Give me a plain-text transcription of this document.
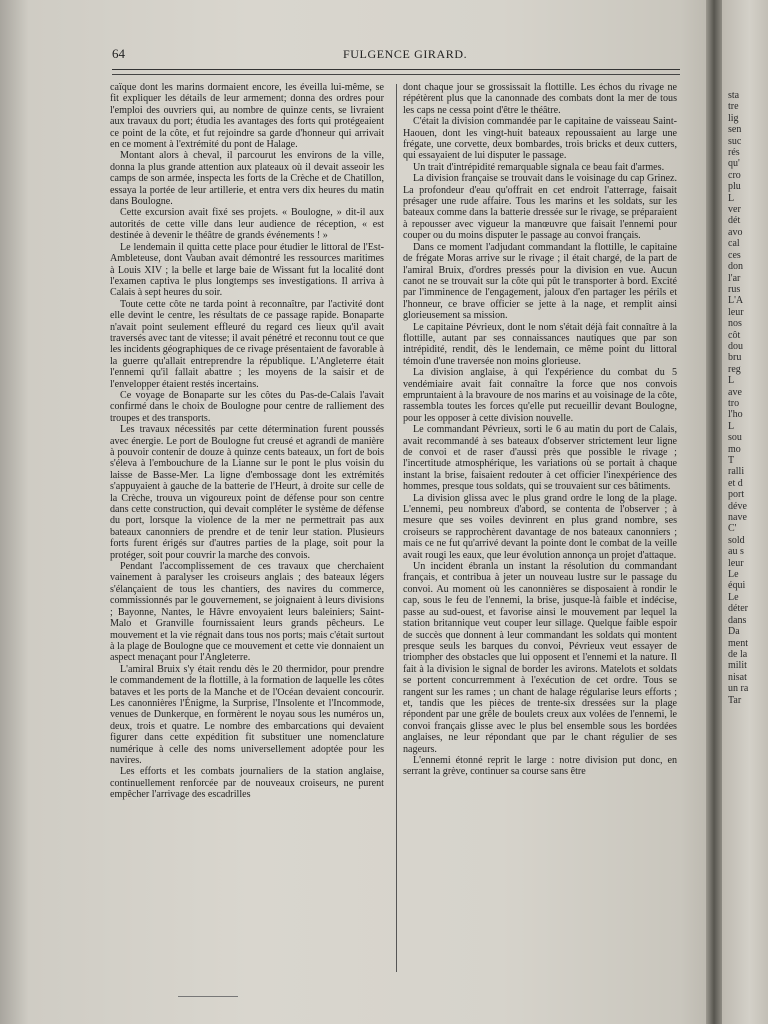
64	FULGENCE GIRARD.

caïque dont les marins dormaient encore, les éveilla lui-même, se fit expliquer les détails de leur armement; donna des ordres pour l'emploi des ouvriers qui, au nombre de quinze cents, se livraient aux travaux du port; étudia les avantages des forts qui protégeaient ce point de la côte, et fut rejoindre sa garde d'honneur qui arrivait en ce moment à l'extrémité du pont de Halage.

Montant alors à cheval, il parcourut les environs de la ville, donna la plus grande attention aux plateaux où il devait asseoir les camps de son armée, inspecta les forts de la Crèche et de Chatillon, essaya la portée de leur artillerie, et entra vers dix heures du matin dans Boulogne.

Cette excursion avait fixé ses projets. « Boulogne, » dit-il aux autorités de cette ville dans leur audience de réception, « est destinée à devenir le théâtre de grands événements ! »

Le lendemain il quitta cette place pour étudier le littoral de l'Est-Ambleteuse, dont Vauban avait démontré les ressources maritimes à Louis XIV ; la belle et large baie de Wissant fut la localité dont l'examen captiva le plus longtemps ses investigations. Il arriva à Calais à sept heures du soir.

Toute cette côte ne tarda point à reconnaître, par l'activité dont elle devint le centre, les résultats de ce passage rapide. Bonaparte n'avait point seulement effleuré du regard ces lieux qu'il avait traversés avec tant de vitesse; il avait pénétré et reconnu tout ce que les incidents géographiques de ce rivage présentaient de favorable à la guerre qu'allait entreprendre la république. L'Angleterre était l'ennemi qu'il fallait abattre ; les moyens de la saisir et de l'envelopper étaient restés incertains.

Ce voyage de Bonaparte sur les côtes du Pas-de-Calais l'avait confirmé dans le choix de Boulogne pour centre de ralliement des troupes et des transports.

Les travaux nécessités par cette détermination furent poussés avec énergie. Le port de Boulogne fut creusé et agrandi de manière à pouvoir contenir de douze à quinze cents bateaux, un fort de bois s'éleva à l'embouchure de la Lianne sur le pont le plus voisin du laisse de Basse-Mer. La ligne d'embossage dont les extrémités s'appuyaient à gauche de la batterie de l'Heurt, à droite sur celle de la Crèche, trouva un vigoureux point de défense pour son centre dans cette construction, qui devait compléter le système de défense du port, lorsque la violence de la mer ne permettrait pas aux bateaux canonniers de prendre et de tenir leur station. Plusieurs forts furent érigés sur d'autres parties de la plage, soit pour la protéger, soit pour couvrir la marche des convois.

Pendant l'accomplissement de ces travaux que cherchaient vainement à paralyser les croiseurs anglais ; des bateaux légers s'élançaient de tous les chantiers, des navires du commerce, commissionnés par le gouvernement, se joignaient à leurs divisions ; Bayonne, Nantes, le Hâvre envoyaient leurs baleiniers; Saint-Malo et Granville fournissaient leurs grands pêcheurs. Le mouvement et la vie régnait dans tous nos ports; mais c'était surtout à la plage de Boulogne que ce mouvement et cette vie donnaient un aspect menaçant pour l'Angleterre.

L'amiral Bruix s'y était rendu dès le 20 thermidor, pour prendre le commandement de la flottille, à la formation de laquelle les côtes bataves et les ports de la Manche et de l'Océan devaient concourir. Les canonnières l'Énigme, la Surprise, l'Insolente et l'Incommode, venues de Dunkerque, en formèrent le noyau sous les numéros un, deux, trois et quatre. Le nombre des embarcations qui devaient figurer dans cette expédition fit substituer une nomenclature numérique à celle des noms universellement adoptée pour les navires.

Les efforts et les combats journaliers de la station anglaise, continuellement renforcée par de nouveaux croiseurs, ne purent empêcher l'arrivage des escadrilles

dont chaque jour se grossissait la flottille. Les échos du rivage ne répétèrent plus que la canonnade des combats dont la mer de tous les caps ne cessa point d'être le théâtre.

C'était la division commandée par le capitaine de vaisseau Saint-Haouen, dont les vingt-huit bateaux repoussaient au large une frégate, une corvette, deux bombardes, trois bricks et deux cutters, qui essayaient de lui disputer le passage.

Un trait d'intrépidité remarquable signala ce beau fait d'armes.

La division française se trouvait dans le voisinage du cap Grinez. La profondeur d'eau qu'offrait en cet endroit l'atterrage, faisait présager une rude affaire. Tous les marins et les soldats, sur les bateaux comme dans la batterie dressée sur le rivage, se préparaient à repousser avec vigueur la manœuvre que faisait l'ennemi pour couper ou du moins disputer le passage au convoi français.

Dans ce moment l'adjudant commandant la flottille, le capitaine de frégate Moras arrive sur le rivage ; il était chargé, de la part de l'amiral Bruix, d'ordres pressés pour la division en vue. Aucun canot ne se trouvait sur la côte qui pût le transporter à bord. Excité par l'imminence de l'engagement, jaloux d'en partager les périls et l'honneur, ce brave officier se jette à la nage, et remplit ainsi glorieusement sa mission.

Le capitaine Pévrieux, dont le nom s'était déjà fait connaître à la flottille, autant par ses connaissances nautiques que par son intrépidité, rendit, dès le lendemain, ce même point du littoral témoin d'une traversée non moins glorieuse.

La division anglaise, à qui l'expérience du combat du 5 vendémiaire avait fait connaître la force que nos convois empruntaient à la bravoure de nos marins et au voisinage de la côte, rassembla toutes les forces qu'elle put recueillir devant Boulogne, pour les opposer à cette division nouvelle.

Le commandant Pévrieux, sorti le 6 au matin du port de Calais, avait recommandé à ses bateaux d'observer strictement leur ligne de convoi et de raser d'aussi près que possible le rivage ; l'incertitude atmosphérique, les variations où se portait à chaque instant la brise, faisaient redouter à cet officier l'inexpérience des hommes, presque tous soldats, qui se trouvaient sur ces bâtiments.

La division glissa avec le plus grand ordre le long de la plage. L'ennemi, peu nombreux d'abord, se contenta de l'observer ; à mesure que ses voiles devinrent en plus grand nombre, ses croiseurs se rapprochèrent davantage de nos bateaux canonniers ; mais ce ne fut qu'arrivé devant la pointe dont le combat de la veille avait rougi les eaux, que leur évolution annonça un projet d'attaque.

Un incident ébranla un instant la résolution du commandant français, et contribua à jeter un nouveau lustre sur le passage du convoi. Au moment où les canonnières se disposaient à rondir le cap, sous le feu de l'ennemi, la brise, jusque-là faible et indécise, passe au sud-ouest, et favorise ainsi le mouvement par lequel la station britannique veut couper leur sillage. Quelque faible espoir de succès que donnent à leur commandant les soldats qui montent presque seuls les barques du convoi, Pévrieux veut essayer de triompher des obstacles que lui opposent et l'ennemi et la nature. Il fait à la division le signal de border les avirons. Matelots et soldats se portent concurremment à l'exécution de cet ordre. Tous se rangent sur les rames ; un chant de halage régularise leurs efforts ; et, tandis que les pièces de trente-six dressées sur la plage répondent par une grêle de boulets creux aux volées de l'ennemi, le convoi français glisse avec le plus bel ensemble sous les bordées anglaises, ne leur répondant que par le chant régulier de ses nageurs.

L'ennemi étonné reprit le large : notre division put donc, en serrant la grève, continuer sa course sans être

sta
tre
lig
sen
suc
rés
qu'
cro
plu
L
ver
dét
avo
cal
ces
don
l'ar
rus
L'A
leur
nos
côt
dou
bru
reg
L
ave
tro
l'ho
L
sou
mo
T
ralli
et d
port
déve
nave
C'
sold
au s
leur
Le
équi
Le
déter
dans
Da
ment
de la
milit
nisat
un ra
Tar
